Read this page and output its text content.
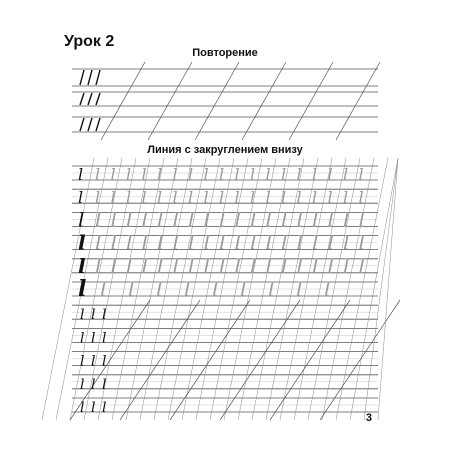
Урок 2
Повторение
Линия с закруглением внизу
3
l l l l l l l l l l l l l l l l l l l
l l l l l l l l l l l l l l l l l l l
l l l l l l l l l l l l l l l l l l l
l l l l l l l l l l l l l l l l l l l
l l l l l l l l l l l l l l l l l l l
l l l l l l l l l l
l l l
l l l
l l l
l l l
l l l
